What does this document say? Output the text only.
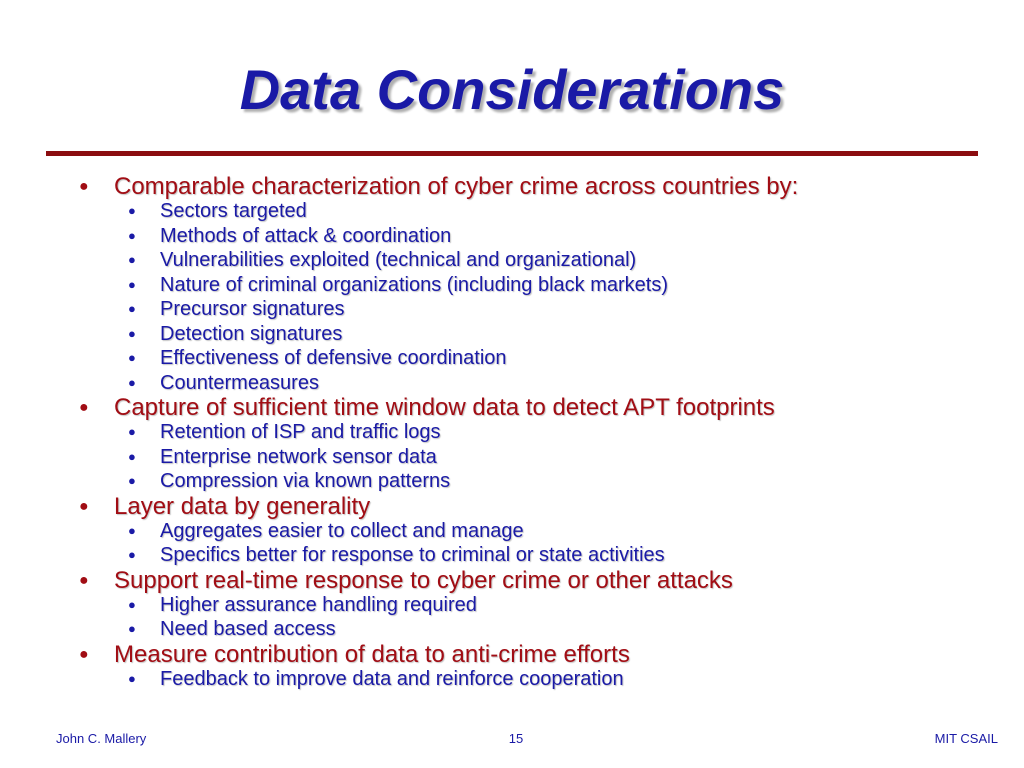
Data Considerations
● Comparable characterization of cyber crime across countries by:
● Sectors targeted
● Methods of attack & coordination
● Vulnerabilities exploited (technical and organizational)
● Nature of criminal organizations (including black markets)
● Precursor signatures
● Detection signatures
● Effectiveness of defensive coordination
● Countermeasures
● Capture of sufficient time window data to detect APT footprints
● Retention of ISP and traffic logs
● Enterprise network sensor data
● Compression via known patterns
● Layer data by generality
● Aggregates easier to collect and manage
● Specifics better for response to criminal or state activities
● Support real-time response to cyber crime or other attacks
● Higher assurance handling required
● Need based access
● Measure contribution of data to anti-crime efforts
● Feedback to improve data and reinforce cooperation
John C. Mallery	15	MIT CSAIL
